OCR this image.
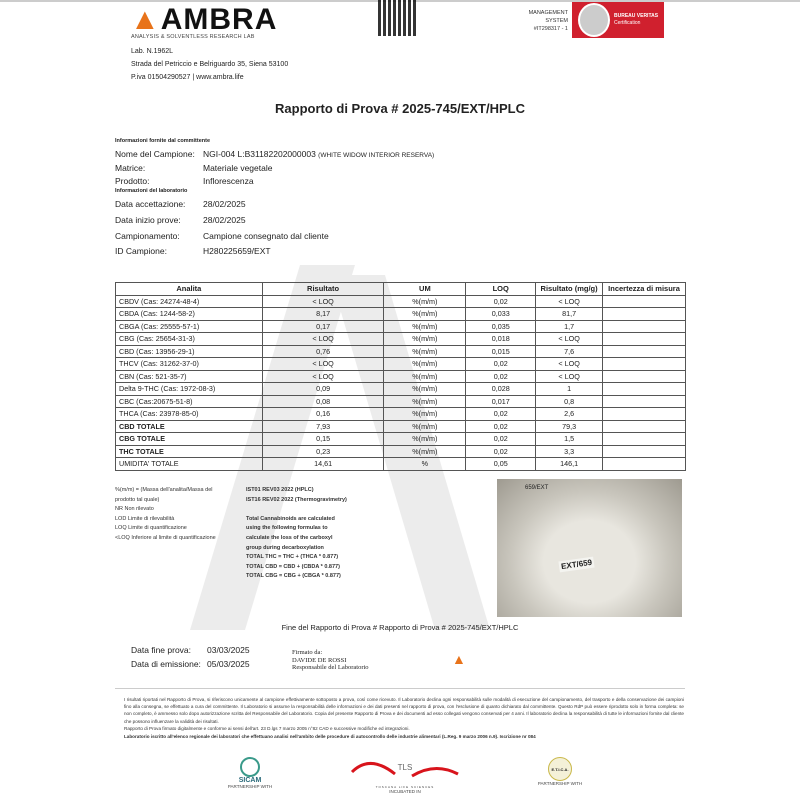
▲AMBRA
ANALYSIS & SOLVENTLESS RESEARCH LAB
Lab. N.1962L
Strada del Petriccio e Belriguardo 35, Siena 53100
P.iva 01504290527 | www.ambra.life
MANAGEMENT
SYSTEM
#IT298317 - 1
BUREAU VERITAS
Certification
Rapporto di Prova # 2025-745/EXT/HPLC
Informazioni fornite dal committente
Informazioni del laboratorio
Nome del Campione: NGI-004 L:B31182202000003 (WHITE WIDOW INTERIOR RESERVA)
Matrice:	Materiale vegetale
Prodotto:	Inflorescenza
Data accettazione: 28/02/2025
Data inizio prove:	28/02/2025
Campionamento:	Campione consegnato dal cliente
ID Campione:	H280225659/EXT
Analita	Risultato	UM	LOQ	Risultato (mg/g)	Incertezza di misura
CBDV (Cas: 24274-48-4)	< LOQ	%(m/m)	0,02	< LOQ	
CBDA (Cas: 1244-58-2)	8,17	%(m/m)	0,033	81,7	
CBGA (Cas: 25555-57-1)	0,17	%(m/m)	0,035	1,7	
CBG (Cas: 25654-31-3)	< LOQ	%(m/m)	0,018	< LOQ	
CBD (Cas: 13956-29-1)	0,76	%(m/m)	0,015	7,6	
THCV (Cas: 31262-37-0)	< LOQ	%(m/m)	0,02	< LOQ	
CBN (Cas: 521-35-7)	< LOQ	%(m/m)	0,02	< LOQ	
Delta 9-THC (Cas: 1972-08-3)	0,09	%(m/m)	0,028	1	
CBC (Cas:20675-51-8)	0,08	%(m/m)	0,017	0,8	
THCA (Cas: 23978-85-0)	0,16	%(m/m)	0,02	2,6	
CBD TOTALE	7,93	%(m/m)	0,02	79,3	
CBG TOTALE	0,15	%(m/m)	0,02	1,5	
THC TOTALE	0,23	%(m/m)	0,02	3,3	
UMIDITA' TOTALE	14,61	%	0,05	146,1	
%(m/m) = (Massa dell'analita/Massa del
prodotto tal quale)
NR Non rilevato
LOD Limite di rilevabilità
LOQ Limite di quantificazione
<LOQ Inferiore al limite di quantificazione
IST01 REV03 2022 (HPLC)
IST16 REV02 2022 (Thermogravimetry)
Total Cannabinoids are calculated
using the following formulas to
calculate the loss of the carboxyl
group during decarboxylation
TOTAL THC = THC + (THCA * 0.877)
TOTAL CBD = CBD + (CBDA * 0.877)
TOTAL CBG = CBG + (CBGA * 0.877)
659/EXT
EXT/659
Fine del Rapporto di Prova # Rapporto di Prova # 2025-745/EXT/HPLC
Data fine prova: 03/03/2025
Data di emissione: 05/03/2025
Firmato da:
DAVIDE DE ROSSI
Responsabile del Laboratorio
▲
I risultati riportati nel Rapporto di Prova, si riferiscono unicamente al campione effettivamente sottoposto a prova, così come ricevuto. Il Laboratorio declina ogni responsabilità sulle modalità di esecuzione del campionamento, del trasporto e della conservazione dei campioni fino alla consegna, se effettuato a cura del committente. Il Laboratorio si assume la responsabilità delle informazioni e dei dati presenti nel rapporto di prova, con l'esclusione di quanto dichiarato dal committente. Questo RdP può essere riprodotto solo in forma completa: se non completo, è ammesso solo dopo autorizzazione scritta del Responsabile del Laboratorio. Copia del presente Rapporto di Prova e dei documenti ad esso collegati vengono conservati per 4 anni. Il laboratorio declina la responsabilità di tutte le informazioni fornite dal cliente che possono influenzare la validità dei risultati.
Rapporto di Prova firmato digitalmente e conforme ai sensi dell'art. 23 D.lgs 7 marzo 2005 n°82 CAD e successive modifiche ed integrazioni.
Laboratorio iscritto all'elenco regionale dei laboratori che effettuano analisi nell'ambito delle procedure di autocontrollo delle industrie alimentari (L.Reg. 9 marzo 2006 n.9). Iscrizione nr 084
SICAM
PARTNERSHIP WITH
TLS
TOSCANA LIFE SCIENCES
INCUBATED IN
E.T.I.C.A.
PARTNERSHIP WITH
